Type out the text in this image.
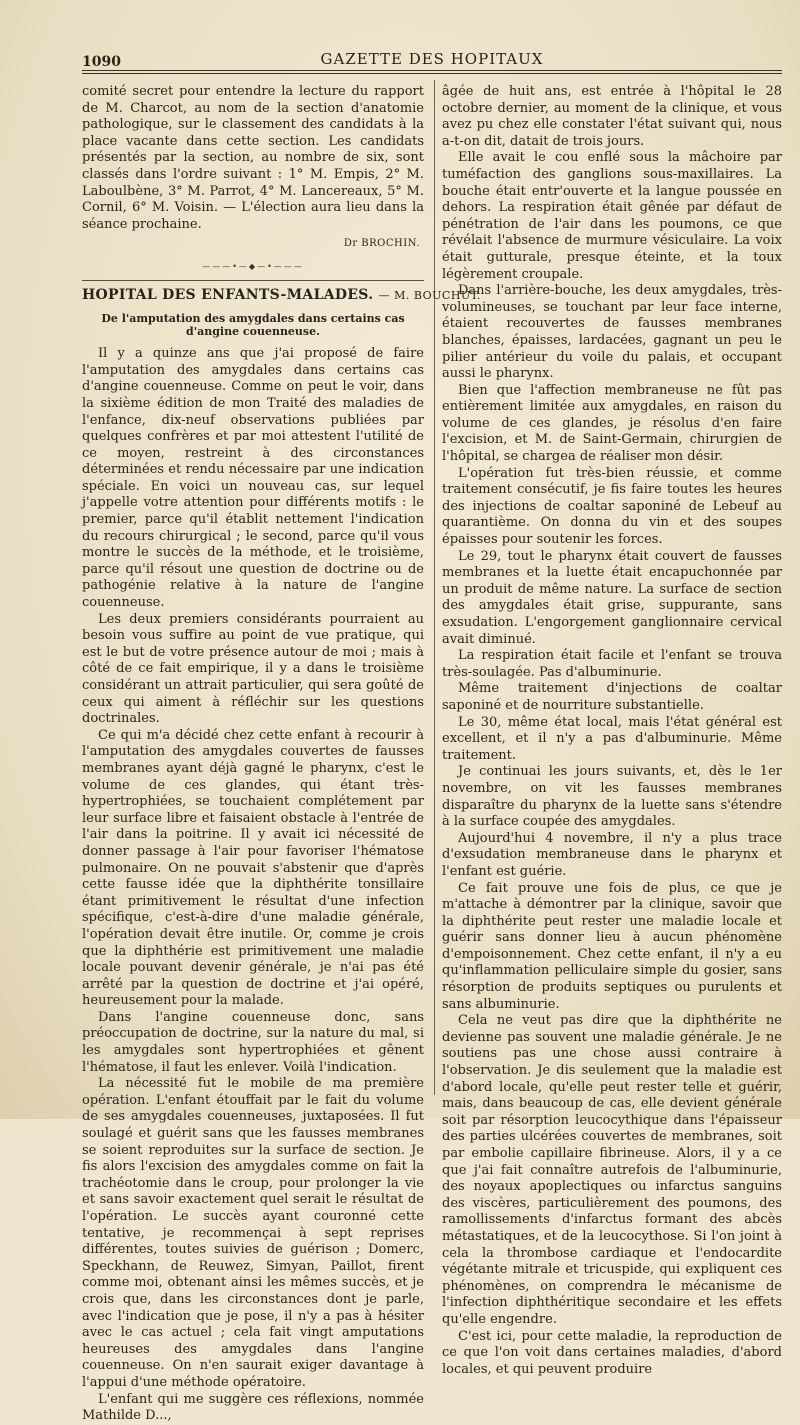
1090	GAZETTE DES HOPITAUX

comité secret pour entendre la lecture du rapport de M. Charcot, au nom de la section d'anatomie pathologique, sur le classement des candidats à la place vacante dans cette section. Les candidats présentés par la section, au nombre de six, sont classés dans l'ordre suivant : 1° M. Empis, 2° M. Laboulbène, 3° M. Parrot, 4° M. Lancereaux, 5° M. Cornil, 6° M. Voisin. — L'élection aura lieu dans la séance prochaine.

Dr BROCHIN.
———•—◆—•———
HOPITAL DES ENFANTS-MALADES. — M. BOUCHUT.
De l'amputation des amygdales dans certains cas d'angine couenneuse.

Il y a quinze ans que j'ai proposé de faire l'amputation des amygdales dans certains cas d'angine couenneuse. Comme on peut le voir, dans la sixième édition de mon Traité des maladies de l'enfance, dix-neuf observations publiées par quelques confrères et par moi attestent l'utilité de ce moyen, restreint à des circonstances déterminées et rendu nécessaire par une indication spéciale. En voici un nouveau cas, sur lequel j'appelle votre attention pour différents motifs : le premier, parce qu'il établit nettement l'indication du recours chirurgical ; le second, parce qu'il vous montre le succès de la méthode, et le troisième, parce qu'il résout une question de doctrine ou de pathogénie relative à la nature de l'angine couenneuse.

Les deux premiers considérants pourraient au besoin vous suffire au point de vue pratique, qui est le but de votre présence autour de moi ; mais à côté de ce fait empirique, il y a dans le troisième considérant un attrait particulier, qui sera goûté de ceux qui aiment à réfléchir sur les questions doctrinales.

Ce qui m'a décidé chez cette enfant à recourir à l'amputation des amygdales couvertes de fausses membranes ayant déjà gagné le pharynx, c'est le volume de ces glandes, qui étant très-hypertrophiées, se touchaient complétement par leur surface libre et faisaient obstacle à l'entrée de l'air dans la poitrine. Il y avait ici nécessité de donner passage à l'air pour favoriser l'hématose pulmonaire. On ne pouvait s'abstenir que d'après cette fausse idée que la diphthérite tonsillaire étant primitivement le résultat d'une infection spécifique, c'est-à-dire d'une maladie générale, l'opération devait être inutile. Or, comme je crois que la diphthérie est primitivement une maladie locale pouvant devenir générale, je n'ai pas été arrêté par la question de doctrine et j'ai opéré, heureusement pour la malade.

Dans l'angine couenneuse donc, sans préoccupation de doctrine, sur la nature du mal, si les amygdales sont hypertrophiées et gênent l'hématose, il faut les enlever. Voilà l'indication.

La nécessité fut le mobile de ma première opération. L'enfant étouffait par le fait du volume de ses amygdales couenneuses, juxtaposées. Il fut soulagé et guérit sans que les fausses membranes se soient reproduites sur la surface de section. Je fis alors l'excision des amygdales comme on fait la trachéotomie dans le croup, pour prolonger la vie et sans savoir exactement quel serait le résultat de l'opération. Le succès ayant couronné cette tentative, je recommençai à sept reprises différentes, toutes suivies de guérison ; Domerc, Speckhann, de Reuwez, Simyan, Paillot, firent comme moi, obtenant ainsi les mêmes succès, et je crois que, dans les circonstances dont je parle, avec l'indication que je pose, il n'y a pas à hésiter avec le cas actuel ; cela fait vingt amputations heureuses des amygdales dans l'angine couenneuse. On n'en saurait exiger davantage à l'appui d'une méthode opératoire.

L'enfant qui me suggère ces réflexions, nommée Mathilde D...,

âgée de huit ans, est entrée à l'hôpital le 28 octobre dernier, au moment de la clinique, et vous avez pu chez elle constater l'état suivant qui, nous a-t-on dit, datait de trois jours.

Elle avait le cou enflé sous la mâchoire par tuméfaction des ganglions sous-maxillaires. La bouche était entr'ouverte et la langue poussée en dehors. La respiration était gênée par défaut de pénétration de l'air dans les poumons, ce que révélait l'absence de murmure vésiculaire. La voix était gutturale, presque éteinte, et la toux légèrement croupale.

Dans l'arrière-bouche, les deux amygdales, très-volumineuses, se touchant par leur face interne, étaient recouvertes de fausses membranes blanches, épaisses, lardacées, gagnant un peu le pilier antérieur du voile du palais, et occupant aussi le pharynx.

Bien que l'affection membraneuse ne fût pas entièrement limitée aux amygdales, en raison du volume de ces glandes, je résolus d'en faire l'excision, et M. de Saint-Germain, chirurgien de l'hôpital, se chargea de réaliser mon désir.

L'opération fut très-bien réussie, et comme traitement consécutif, je fis faire toutes les heures des injections de coaltar saponiné de Lebeuf au quarantième. On donna du vin et des soupes épaisses pour soutenir les forces.

Le 29, tout le pharynx était couvert de fausses membranes et la luette était encapuchonnée par un produit de même nature. La surface de section des amygdales était grise, suppurante, sans exsudation. L'engorgement ganglionnaire cervical avait diminué.

La respiration était facile et l'enfant se trouva très-soulagée. Pas d'albuminurie.

Même traitement d'injections de coaltar saponiné et de nourriture substantielle.

Le 30, même état local, mais l'état général est excellent, et il n'y a pas d'albuminurie. Même traitement.

Je continuai les jours suivants, et, dès le 1er novembre, on vit les fausses membranes disparaître du pharynx de la luette sans s'étendre à la surface coupée des amygdales.

Aujourd'hui 4 novembre, il n'y a plus trace d'exsudation membraneuse dans le pharynx et l'enfant est guérie.

Ce fait prouve une fois de plus, ce que je m'attache à démontrer par la clinique, savoir que la diphthérite peut rester une maladie locale et guérir sans donner lieu à aucun phénomène d'empoisonnement. Chez cette enfant, il n'y a eu qu'inflammation pelliculaire simple du gosier, sans résorption de produits septiques ou purulents et sans albuminurie.

Cela ne veut pas dire que la diphthérite ne devienne pas souvent une maladie générale. Je ne soutiens pas une chose aussi contraire à l'observation. Je dis seulement que la maladie est d'abord locale, qu'elle peut rester telle et guérir, mais, dans beaucoup de cas, elle devient générale soit par résorption leucocythique dans l'épaisseur des parties ulcérées couvertes de membranes, soit par embolie capillaire fibrineuse. Alors, il y a ce que j'ai fait connaître autrefois de l'albuminurie, des noyaux apoplectiques ou infarctus sanguins des viscères, particulièrement des poumons, des ramollissements d'infarctus formant des abcès métastatiques, et de la leucocythose. Si l'on joint à cela la thrombose cardiaque et l'endocardite végétante mitrale et tricuspide, qui expliquent ces phénomènes, on comprendra le mécanisme de l'infection diphthéritique secondaire et les effets qu'elle engendre.

C'est ici, pour cette maladie, la reproduction de ce que l'on voit dans certaines maladies, d'abord locales, et qui peuvent produire
